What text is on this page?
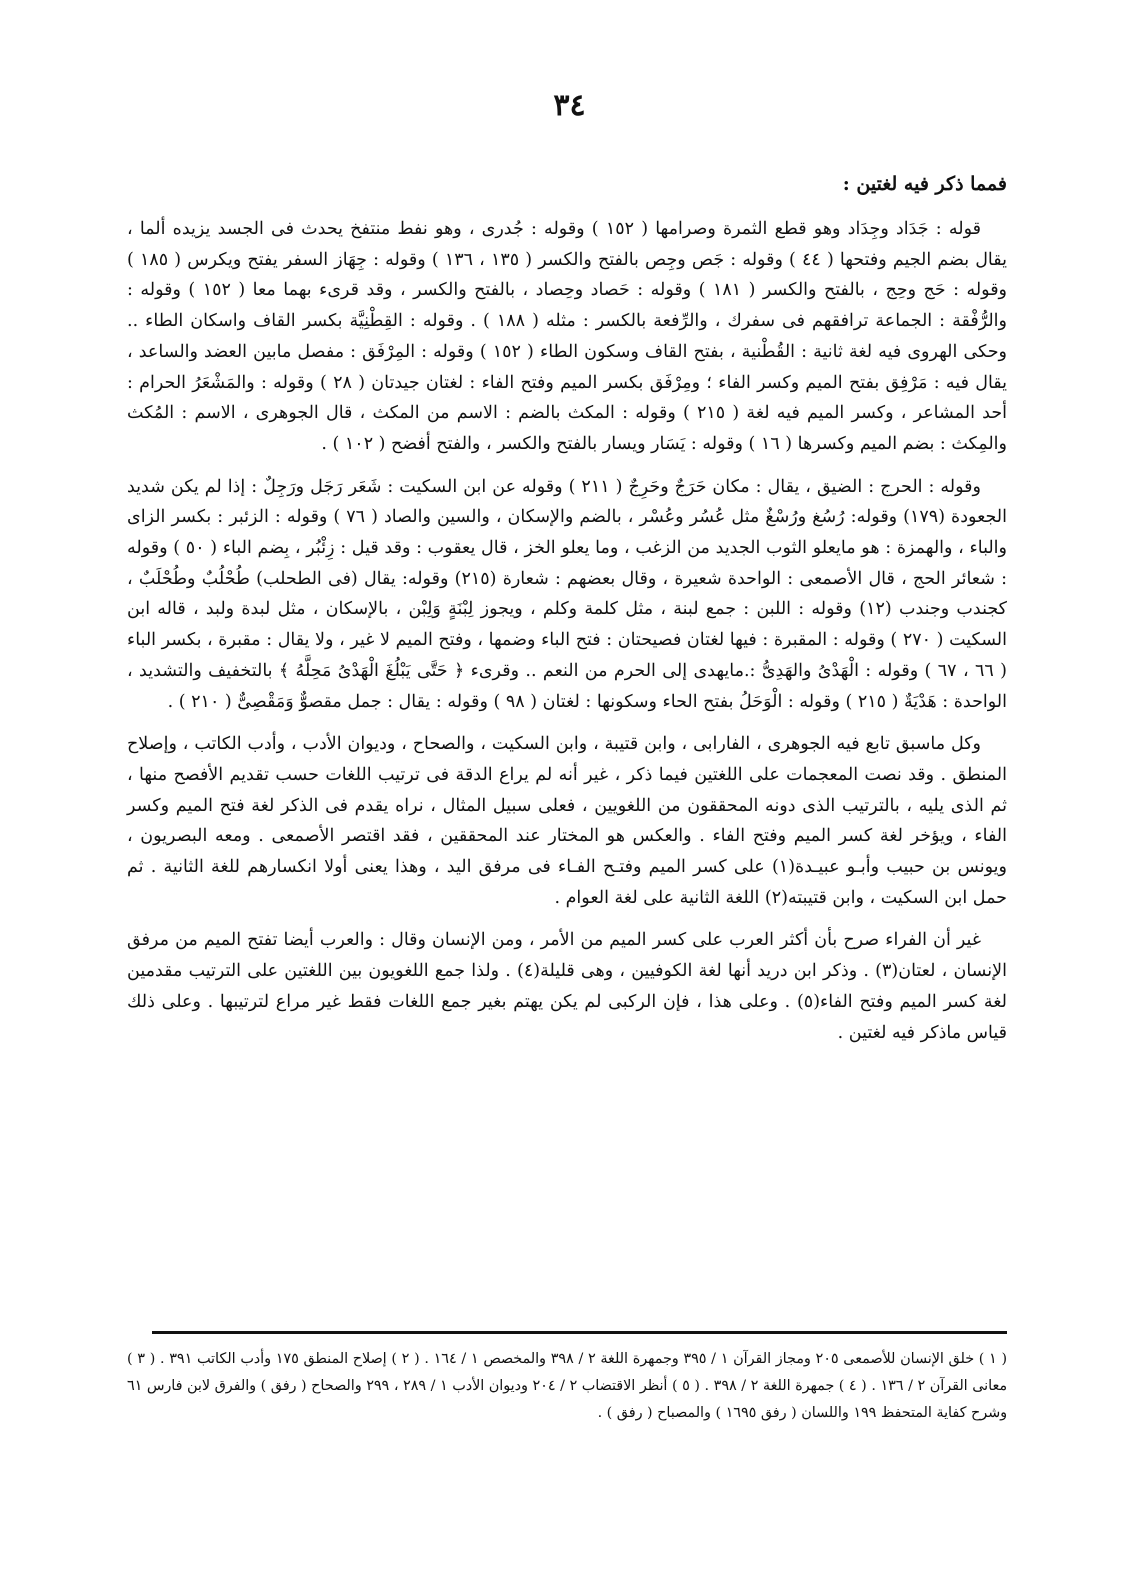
٣٤
فمما ذكر فيه لغتين :

قوله : جَدَاد وجِدَاد وهو قطع الثمرة وصرامها ( ١٥٢ ) وقوله : جُدرى ، وهو نفط منتفخ يحدث فى الجسد يزيده ألما ، يقال بضم الجيم وفتحها ( ٤٤ ) وقوله : جَص وجِص بالفتح والكسر ( ١٣٥ ، ١٣٦ ) وقوله : جِهَاز السفر يفتح ويكرس ( ١٨٥ ) وقوله : حَج وحِج ، بالفتح والكسر ( ١٨١ ) وقوله : حَصاد وحِصاد ، بالفتح والكسر ، وقد قرىء بهما معا ( ١٥٢ ) وقوله : والرُّفْقة : الجماعة ترافقهم فى سفرك ، والرِّفعة بالكسر : مثله ( ١٨٨ ) . وقوله : القِطْنِيَّة بكسر القاف واسكان الطاء .. وحكى الهروى فيه لغة ثانية : القُطْنية ، بفتح القاف وسكون الطاء ( ١٥٢ ) وقوله : المِرْفَق : مفصل مابين العضد والساعد ، يقال فيه : مَرْفِق بفتح الميم وكسر الفاء ؛ ومِرْفَق بكسر الميم وفتح الفاء : لغتان جيدتان ( ٢٨ ) وقوله : والمَشْعَرُ الحرام : أحد المشاعر ، وكسر الميم فيه لغة ( ٢١٥ ) وقوله : المكث بالضم : الاسم من المكث ، قال الجوهرى ، الاسم : المُكث والمِكث : بضم الميم وكسرها ( ١٦ ) وقوله : يَسَار ويسار بالفتح والكسر ، والفتح أفضح ( ١٠٢ ) .

وقوله : الحرج : الضيق ، يقال : مكان حَرَجٌ وحَرِجٌ ( ٢١١ ) وقوله عن ابن السكيت : شَعَر رَجَل ورَجِلٌ : إذا لم يكن شديد الجعودة (١٧٩) وقوله: رُسُغ ورُسْغٌ مثل عُسُر وعُسْر ، بالضم والإسكان ، والسين والصاد ( ٧٦ ) وقوله : الزئبر : بكسر الزاى والباء ، والهمزة : هو مايعلو الثوب الجديد من الزغب ، وما يعلو الخز ، قال يعقوب : وقد قيل : زِئْبُر ، بِضم الباء ( ٥٠ ) وقوله : شعائر الحج ، قال الأصمعى : الواحدة شعيرة ، وقال بعضهم : شعارة (٢١٥) وقوله: يقال (فى الطحلب) طُحْلُبٌ وطُحْلَبٌ ، كجندب وجندب (١٢) وقوله : اللبن : جمع لبنة ، مثل كلمة وكلم ، ويجوز لِبْنَةٍ وَلِبْن ، بالإسكان ، مثل لبدة ولبد ، قاله ابن السكيت ( ٢٧٠ ) وقوله : المقبرة : فيها لغتان فصيحتان : فتح الباء وضمها ، وفتح الميم لا غير ، ولا يقال : مقبرة ، بكسر الباء ( ٦٦ ، ٦٧ ) وقوله : الْهَدْىُ والهَدِىُّ :.مايهدى إلى الحرم من النعم .. وقرىء ﴿ حَتَّى يَبْلُغَ الْهَدْىُ مَحِلَّهُ ﴾ بالتخفيف والتشديد ، الواحدة : هَدْيَةٌ ( ٢١٥ ) وقوله : الْوَحَلُ بفتح الحاء وسكونها : لغتان ( ٩٨ ) وقوله : يقال : جمل مقصوٌّ وَمَقْصِىٌّ ( ٢١٠ ) .

وكل ماسبق تابع فيه الجوهرى ، الفارابى ، وابن قتيبة ، وابن السكيت ، والصحاح ، وديوان الأدب ، وأدب الكاتب ، وإصلاح المنطق . وقد نصت المعجمات على اللغتين فيما ذكر ، غير أنه لم يراع الدقة فى ترتيب اللغات حسب تقديم الأفصح منها ، ثم الذى يليه ، بالترتيب الذى دونه المحققون من اللغويين ، فعلى سبيل المثال ، نراه يقدم فى الذكر لغة فتح الميم وكسر الفاء ، ويؤخر لغة كسر الميم وفتح الفاء . والعكس هو المختار عند المحققين ، فقد اقتصر الأصمعى . ومعه البصريون ، ويونس بن حبيب وأبـو عبيـدة(١) على كسر الميم وفتـح الفـاء فى مرفق اليد ، وهذا يعنى أولا انكسارهم للغة الثانية . ثم حمل ابن السكيت ، وابن قتيبته(٢) اللغة الثانية على لغة العوام .

غير أن الفراء صرح بأن أكثر العرب على كسر الميم من الأمر ، ومن الإنسان وقال : والعرب أيضا تفتح الميم من مرفق الإنسان ، لعتان(٣) . وذكر ابن دريد أنها لغة الكوفيين ، وهى قليلة(٤) . ولذا جمع اللغويون بين اللغتين على الترتيب مقدمين لغة كسر الميم وفتح الفاء(٥) . وعلى هذا ، فإن الركبى لم يكن يهتم بغير جمع اللغات فقط غير مراع لترتيبها . وعلى ذلك قياس ماذكر فيه لغتين .

( ١ ) خلق الإنسان للأصمعى ٢٠٥ ومجاز القرآن ١ / ٣٩٥ وجمهرة اللغة ٢ / ٣٩٨ والمخصص ١ / ١٦٤ . ( ٢ ) إصلاح المنطق ١٧٥ وأدب الكاتب ٣٩١ . ( ٣ ) معانى القرآن ٢ / ١٣٦ . ( ٤ ) جمهرة اللغة ٢ / ٣٩٨ . ( ٥ ) أنظر الاقتضاب ٢ / ٢٠٤ وديوان الأدب ١ / ٢٨٩ ، ٢٩٩ والصحاح ( رفق ) والفرق لابن فارس ٦١ وشرح كفاية المتحفظ ١٩٩ واللسان ( رفق ١٦٩٥ ) والمصباح ( رفق ) .
